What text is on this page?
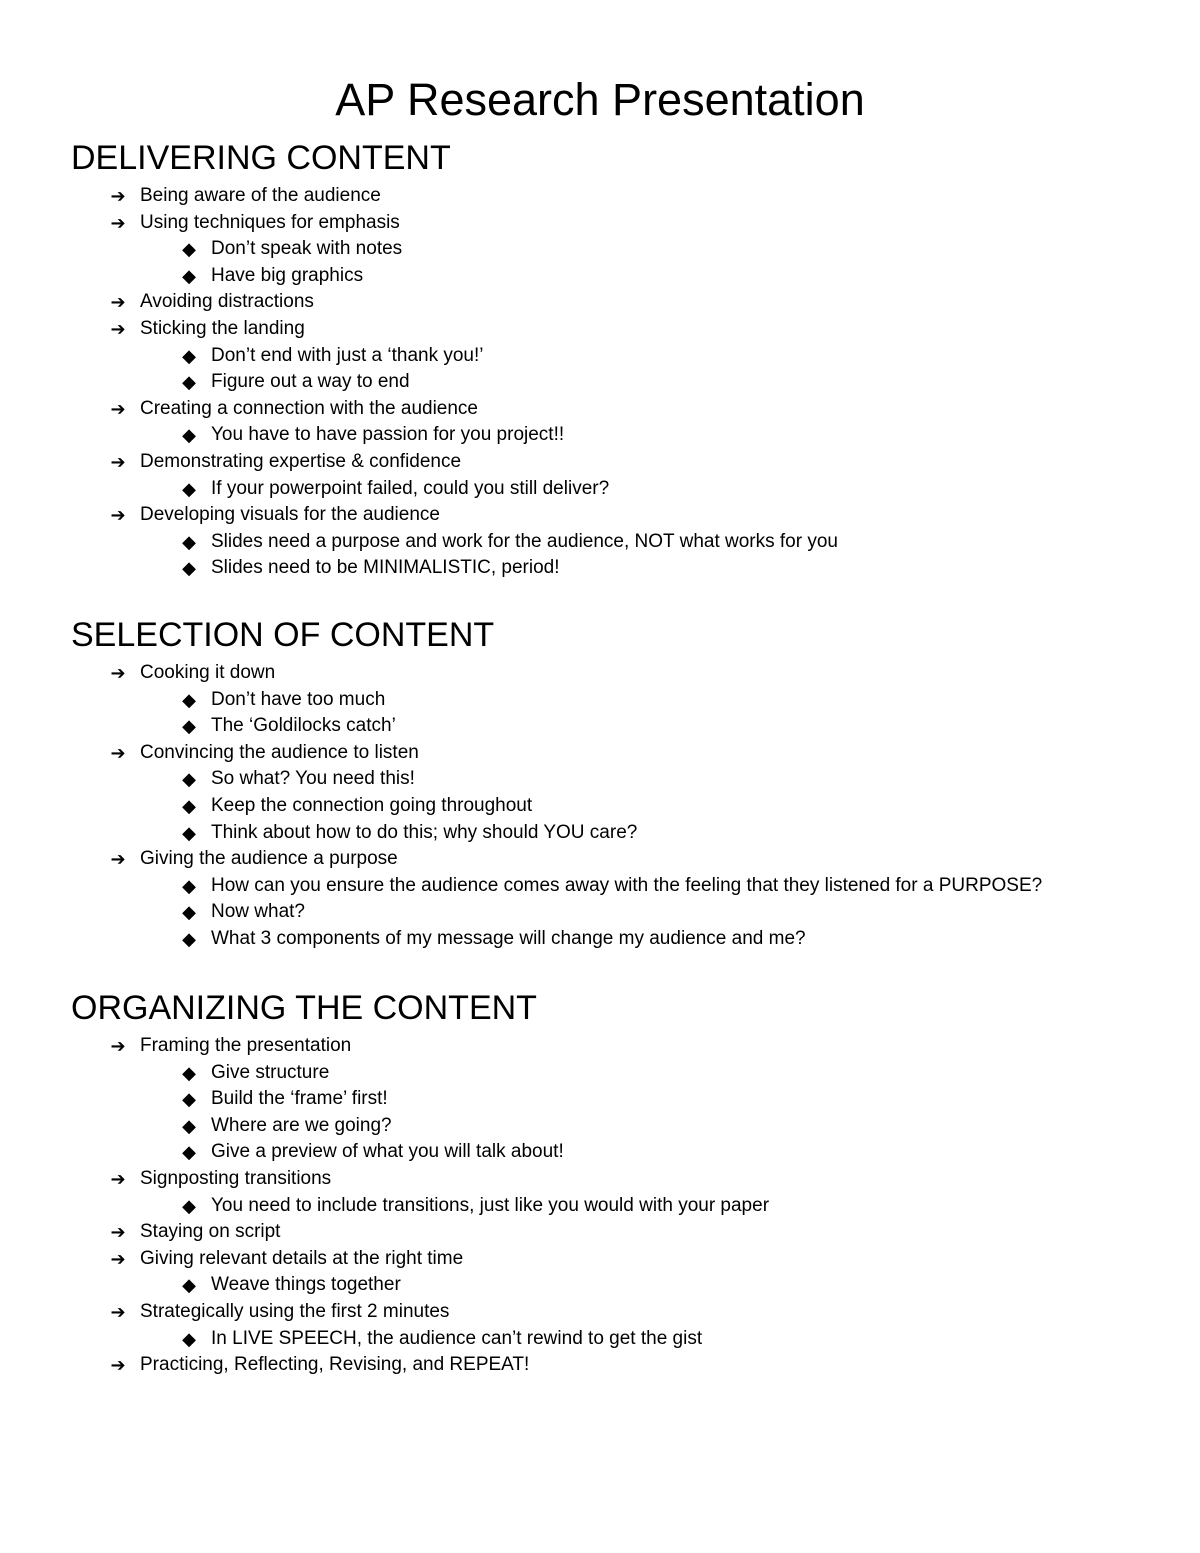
AP Research Presentation
DELIVERING CONTENT
➔ Being aware of the audience
➔ Using techniques for emphasis
◆ Don’t speak with notes
◆ Have big graphics
➔ Avoiding distractions
➔ Sticking the landing
◆ Don’t end with just a ‘thank you!’
◆ Figure out a way to end
➔ Creating a connection with the audience
◆ You have to have passion for you project!!
➔ Demonstrating expertise & confidence
◆ If your powerpoint failed, could you still deliver?
➔ Developing visuals for the audience
◆ Slides need a purpose and work for the audience, NOT what works for you
◆ Slides need to be MINIMALISTIC, period!
SELECTION OF CONTENT
➔ Cooking it down
◆ Don’t have too much
◆ The ‘Goldilocks catch’
➔ Convincing the audience to listen
◆ So what? You need this!
◆ Keep the connection going throughout
◆ Think about how to do this; why should YOU care?
➔ Giving the audience a purpose
◆ How can you ensure the audience comes away with the feeling that they listened for a PURPOSE?
◆ Now what?
◆ What 3 components of my message will change my audience and me?
ORGANIZING THE CONTENT
➔ Framing the presentation
◆ Give structure
◆ Build the ‘frame’ first!
◆ Where are we going?
◆ Give a preview of what you will talk about!
➔ Signposting transitions
◆ You need to include transitions, just like you would with your paper
➔ Staying on script
➔ Giving relevant details at the right time
◆ Weave things together
➔ Strategically using the first 2 minutes
◆ In LIVE SPEECH, the audience can’t rewind to get the gist
➔ Practicing, Reflecting, Revising, and REPEAT!
